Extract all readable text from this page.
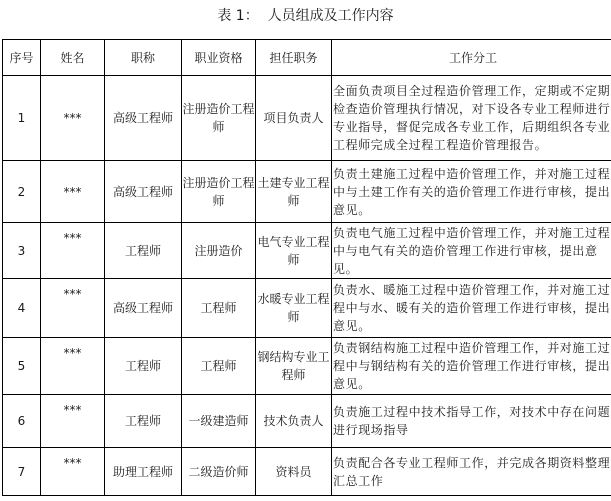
表 1：  人员组成及工作内容
序号	姓名	职称	职业资格	担任职务	工作分工
1	***	高级工程师	注册造价工程师	项目负责人	全面负责项目全过程造价管理工作，定期或不定期检查造价管理执行情况，对下设各专业工程师进行专业指导，督促完成各专业工作，后期组织各专业工程师完成全过程工程造价管理报告。
2	***	高级工程师	注册造价工程师	土建专业工程师	负责土建施工过程中造价管理工作，并对施工过程中与土建工作有关的造价管理工作进行审核，提出意见。
3	***	工程师	注册造价	电气专业工程师	负责电气施工过程中造价管理工作，并对施工过程中与电气有关的造价管理工作进行审核，提出意见。
4	***	高级工程师	工程师	水暖专业工程师	负责水、暖施工过程中造价管理工作，并对施工过程中与水、暖有关的造价管理工作进行审核，提出意见。
5	***	工程师	工程师	钢结构专业工程师	负责钢结构施工过程中造价管理工作，并对施工过程中与钢结构有关的造价管理工作进行审核，提出意见。
6	***	工程师	一级建造师	技术负责人	负责施工过程中技术指导工作，对技术中存在问题进行现场指导
7	***	助理工程师	二级造价师	资料员	负责配合各专业工程师工作，并完成各期资料整理汇总工作
